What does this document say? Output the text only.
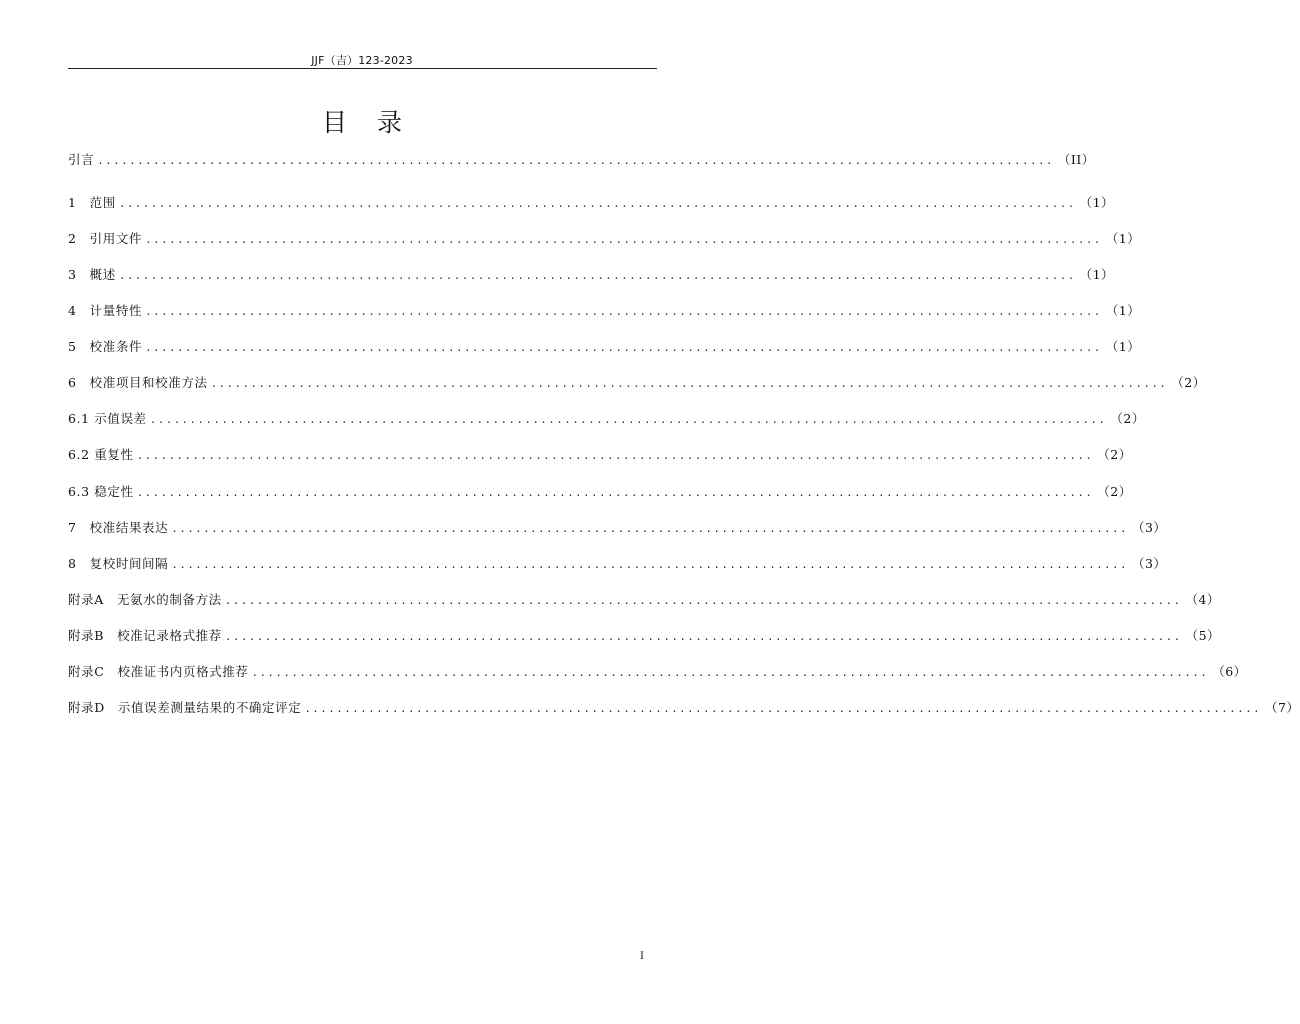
JJF（吉）123-2023
目录
引言 ........................................................................................................................ （II）
1　范围 ........................................................................................................................ （1）
2　引用文件 ........................................................................................................................ （1）
3　概述 ........................................................................................................................ （1）
4　计量特性 ........................................................................................................................ （1）
5　校准条件 ........................................................................................................................ （1）
6　校准项目和校准方法 ........................................................................................................................ （2）
6.1 示值误差 ........................................................................................................................ （2）
6.2 重复性 ........................................................................................................................ （2）
6.3 稳定性 ........................................................................................................................ （2）
7　校准结果表达 ........................................................................................................................ （3）
8　复校时间间隔 ........................................................................................................................ （3）
附录A　无氨水的制备方法 ........................................................................................................................ （4）
附录B　校准记录格式推荐 ........................................................................................................................ （5）
附录C　校准证书内页格式推荐 ........................................................................................................................ （6）
附录D　示值误差测量结果的不确定评定 ........................................................................................................................ （7）
I
